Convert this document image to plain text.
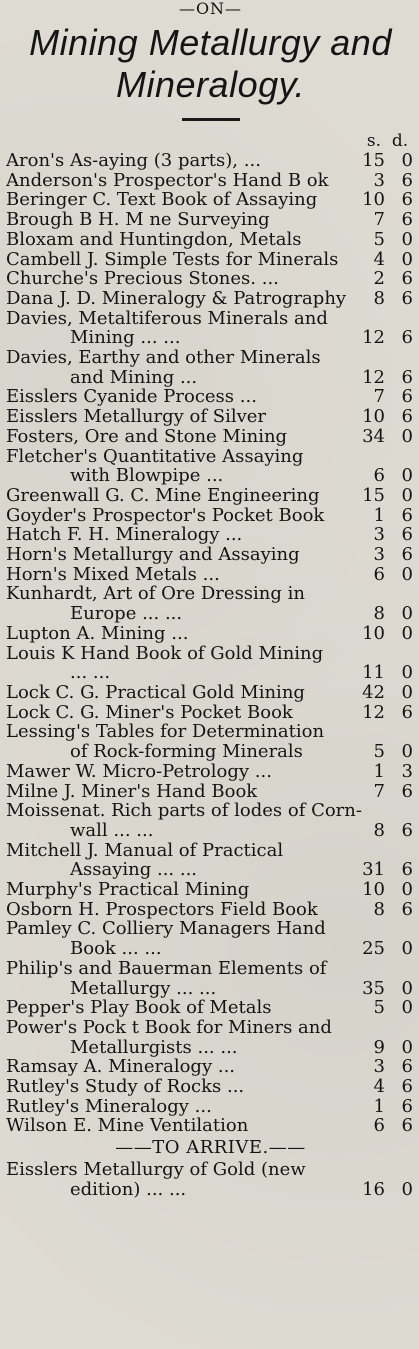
—ON—
Mining Metallurgy and
Mineralogy.
s. d.
Aron's As-aying (3 parts), ...	15 0
Anderson's Prospector's Hand B ok	3 6
Beringer C. Text Book of Assaying	10 6
Brough B H. M ne Surveying	7 6
Bloxam and Huntingdon, Metals	5 0
Cambell J. Simple Tests for Minerals	4 0
Churche's Precious Stones. ...	2 6
Dana J. D. Mineralogy & Patrography	8 6
Davies, Metaltiferous Minerals and
Mining ... ...	12 6
Davies, Earthy and other Minerals
and Mining ...	12 6
Eisslers Cyanide Process ...	7 6
Eisslers Metallurgy of Silver	10 6
Fosters, Ore and Stone Mining	34 0
Fletcher's Quantitative Assaying
with Blowpipe ...	6 0
Greenwall G. C. Mine Engineering	15 0
Goyder's Prospector's Pocket Book	1 6
Hatch F. H. Mineralogy ...	3 6
Horn's Metallurgy and Assaying	3 6
Horn's Mixed Metals ...	6 0
Kunhardt, Art of Ore Dressing in
Europe ... ...	8 0
Lupton A. Mining ...	10 0
Louis K Hand Book of Gold Mining
... ...	11 0
Lock C. G. Practical Gold Mining	42 0
Lock C. G. Miner's Pocket Book	12 6
Lessing's Tables for Determination
of Rock-forming Minerals	5 0
Mawer W. Micro-Petrology ...	1 3
Milne J. Miner's Hand Book	7 6
Moissenat. Rich parts of lodes of Corn-
wall ... ...	8 6
Mitchell J. Manual of Practical
Assaying ... ...	31 6
Murphy's Practical Mining	10 0
Osborn H. Prospectors Field Book	8 6
Pamley C. Colliery Managers Hand
Book ... ...	25 0
Philip's and Bauerman Elements of
Metallurgy ... ...	35 0
Pepper's Play Book of Metals	5 0
Power's Pock t Book for Miners and
Metallurgists ... ...	9 0
Ramsay A. Mineralogy ...	3 6
Rutley's Study of Rocks ...	4 6
Rutley's Mineralogy ...	1 6
Wilson E. Mine Ventilation	6 6
——TO ARRIVE.——
Eisslers Metallurgy of Gold (new
edition) ... ...	16 0
